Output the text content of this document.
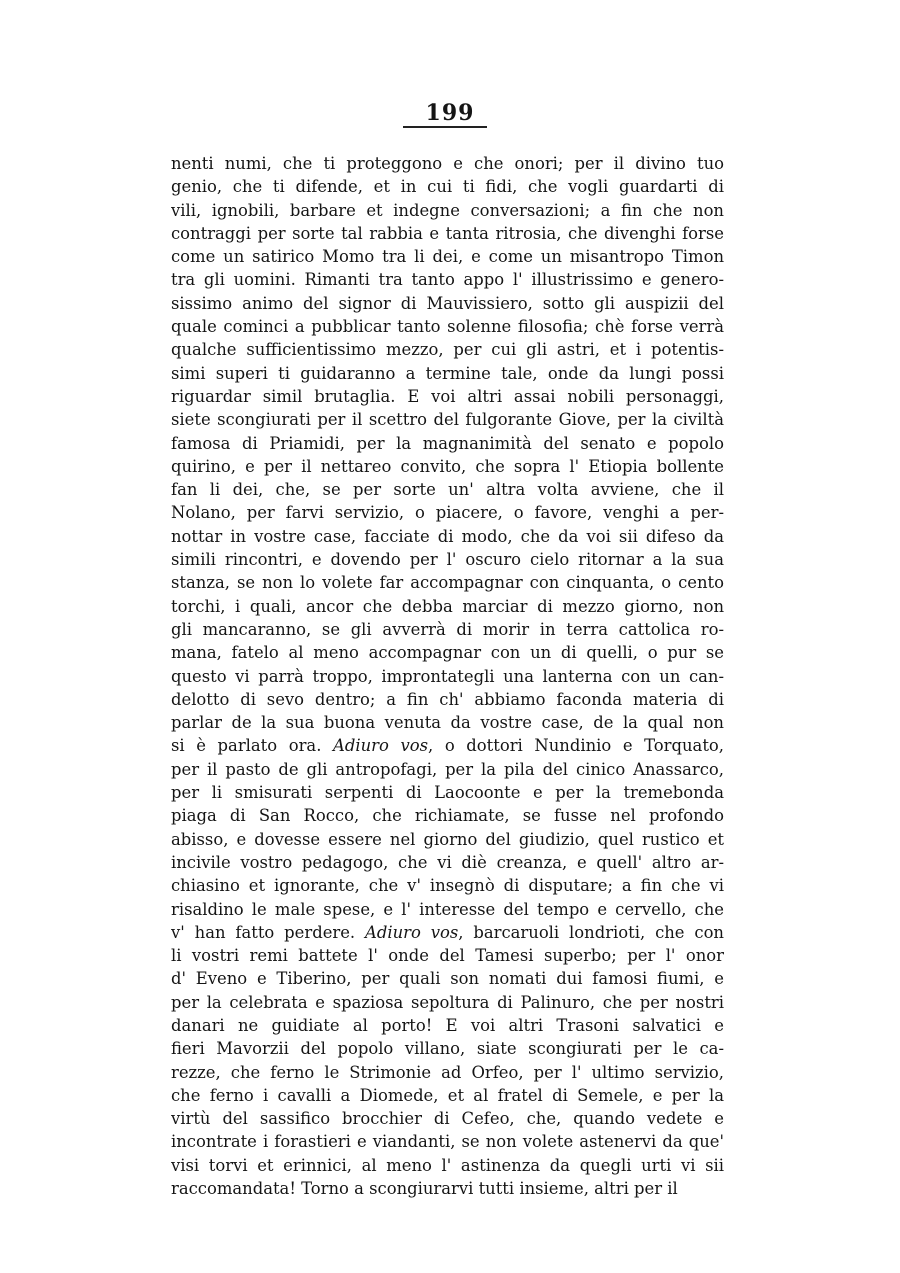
199
nenti numi, che ti proteggono e che onori; per il divino tuo
genio, che ti difende, et in cui ti fidi, che vogli guardarti di
vili, ignobili, barbare et indegne conversazioni; a fin che non
contraggi per sorte tal rabbia e tanta ritrosia, che divenghi forse
come un satirico Momo tra li dei, e come un misantropo Timon
tra gli uomini. Rimanti tra tanto appo l' illustrissimo e genero-
sissimo animo del signor di Mauvissiero, sotto gli auspizii del
quale cominci a pubblicar tanto solenne filosofia; chè forse verrà
qualche sufficientissimo mezzo, per cui gli astri, et i potentis-
simi superi ti guidaranno a termine tale, onde da lungi possi
riguardar simil brutaglia. E voi altri assai nobili personaggi,
siete scongiurati per il scettro del fulgorante Giove, per la civiltà
famosa di Priamidi, per la magnanimità del senato e popolo
quirino, e per il nettareo convito, che sopra l' Etiopia bollente
fan li dei, che, se per sorte un' altra volta avviene, che il
Nolano, per farvi servizio, o piacere, o favore, venghi a per-
nottar in vostre case, facciate di modo, che da voi sii difeso da
simili rincontri, e dovendo per l' oscuro cielo ritornar a la sua
stanza, se non lo volete far accompagnar con cinquanta, o cento
torchi, i quali, ancor che debba marciar di mezzo giorno, non
gli mancaranno, se gli avverrà di morir in terra cattolica ro-
mana, fatelo al meno accompagnar con un di quelli, o pur se
questo vi parrà troppo, improntategli una lanterna con un can-
delotto di sevo dentro; a fin ch' abbiamo faconda materia di
parlar de la sua buona venuta da vostre case, de la qual non
si è parlato ora. Adiuro vos, o dottori Nundinio e Torquato,
per il pasto de gli antropofagi, per la pila del cinico Anassarco,
per li smisurati serpenti di Laocoonte e per la tremebonda
piaga di San Rocco, che richiamate, se fusse nel profondo
abisso, e dovesse essere nel giorno del giudizio, quel rustico et
incivile vostro pedagogo, che vi diè creanza, e quell' altro ar-
chiasino et ignorante, che v' insegnò di disputare; a fin che vi
risaldino le male spese, e l' interesse del tempo e cervello, che
v' han fatto perdere. Adiuro vos, barcaruoli londrioti, che con
li vostri remi battete l' onde del Tamesi superbo; per l' onor
d' Eveno e Tiberino, per quali son nomati dui famosi fiumi, e
per la celebrata e spaziosa sepoltura di Palinuro, che per nostri
danari ne guidiate al porto! E voi altri Trasoni salvatici e
fieri Mavorzii del popolo villano, siate scongiurati per le ca-
rezze, che ferno le Strimonie ad Orfeo, per l' ultimo servizio,
che ferno i cavalli a Diomede, et al fratel di Semele, e per la
virtù del sassifico brocchier di Cefeo, che, quando vedete e
incontrate i forastieri e viandanti, se non volete astenervi da que'
visi torvi et erinnici, al meno l' astinenza da quegli urti vi sii
raccomandata! Torno a scongiurarvi tutti insieme, altri per il
